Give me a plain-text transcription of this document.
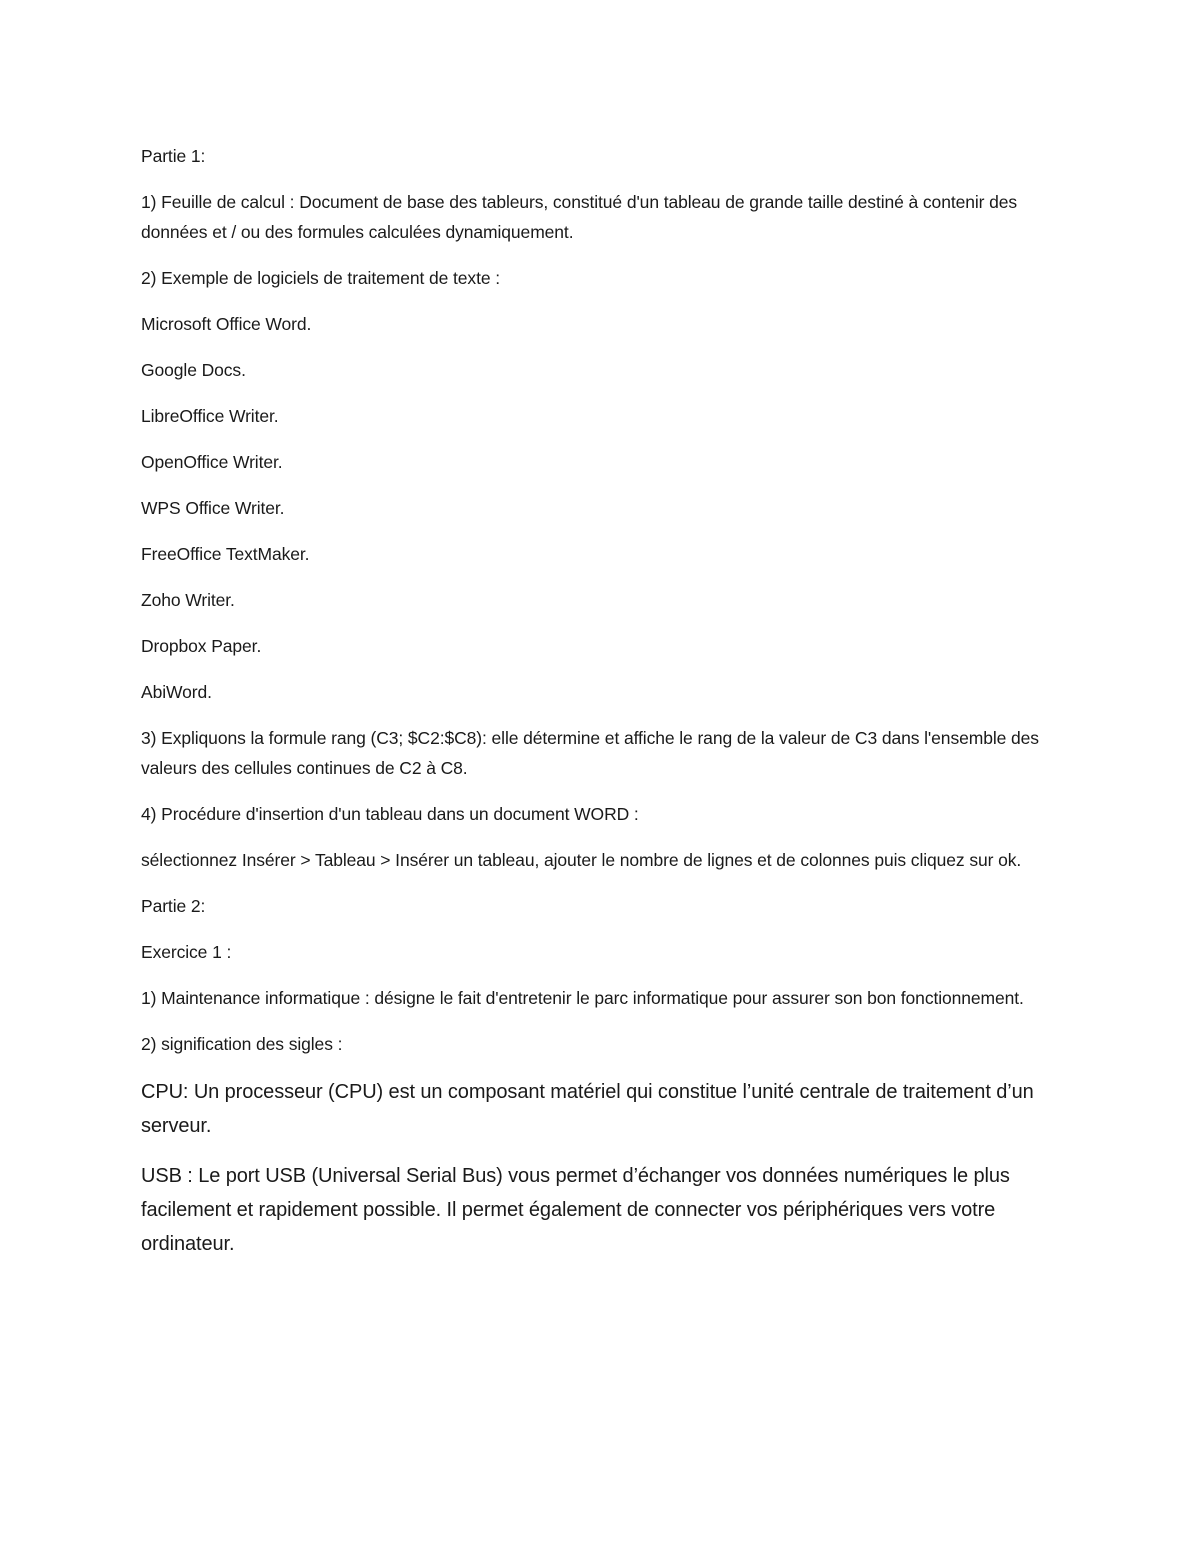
Partie 1:

1) Feuille de calcul : Document de base des tableurs, constitué d'un tableau de grande taille destiné à contenir des données et / ou des formules calculées dynamiquement.

2) Exemple de logiciels de traitement de texte :

Microsoft Office Word.

Google Docs.

LibreOffice Writer.

OpenOffice Writer.

WPS Office Writer.

FreeOffice TextMaker.

Zoho Writer.

Dropbox Paper.

AbiWord.

3) Expliquons la formule rang (C3; $C2:$C8): elle détermine et affiche le rang de la valeur de C3 dans l'ensemble des valeurs des cellules continues de C2 à C8.

4) Procédure d'insertion d'un tableau dans un document WORD :

sélectionnez Insérer > Tableau > Insérer un tableau, ajouter le nombre de lignes et de colonnes puis cliquez sur ok.

Partie 2:

Exercice 1 :

1) Maintenance informatique : désigne le fait d'entretenir le parc informatique pour assurer son bon fonctionnement.

2) signification des sigles :

CPU: Un processeur (CPU) est un composant matériel qui constitue l’unité centrale de traitement d’un serveur.

USB : Le port USB (Universal Serial Bus) vous permet d’échanger vos données numériques le plus facilement et rapidement possible. Il permet également de connecter vos périphériques vers votre ordinateur.
